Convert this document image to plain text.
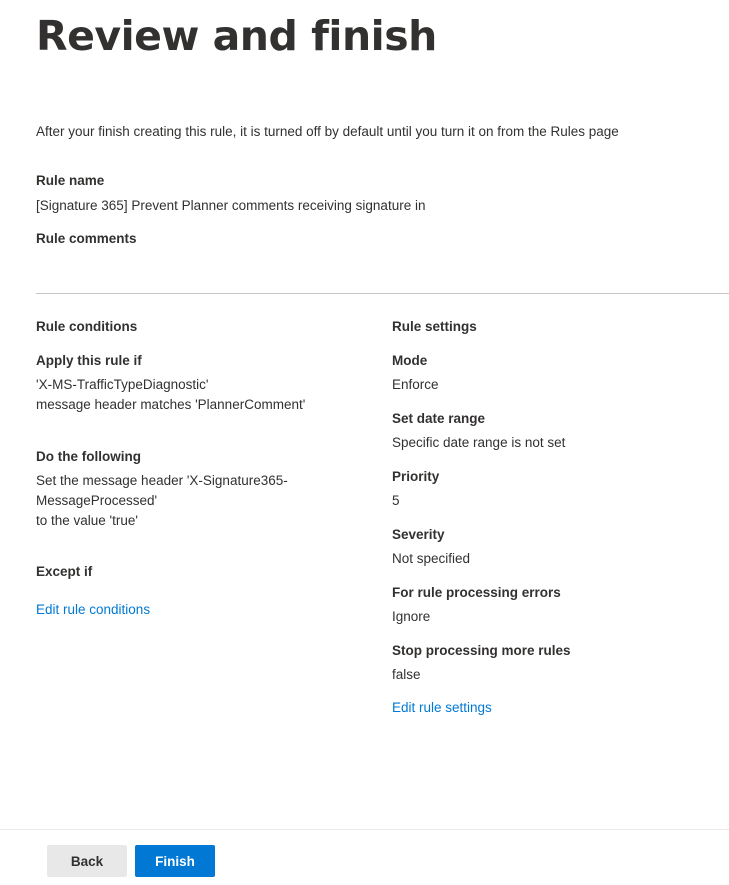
Review and finish
After your finish creating this rule, it is turned off by default until you turn it on from the Rules page
Rule name
[Signature 365] Prevent Planner comments receiving signature in
Rule comments
Rule conditions
Apply this rule if
'X-MS-TrafficTypeDiagnostic'
message header matches 'PlannerComment'
Do the following
Set the message header 'X-Signature365-
MessageProcessed'
to the value 'true'
Except if
Edit rule conditions
Rule settings
Mode
Enforce
Set date range
Specific date range is not set
Priority
5
Severity
Not specified
For rule processing errors
Ignore
Stop processing more rules
false
Edit rule settings
Back	Finish
